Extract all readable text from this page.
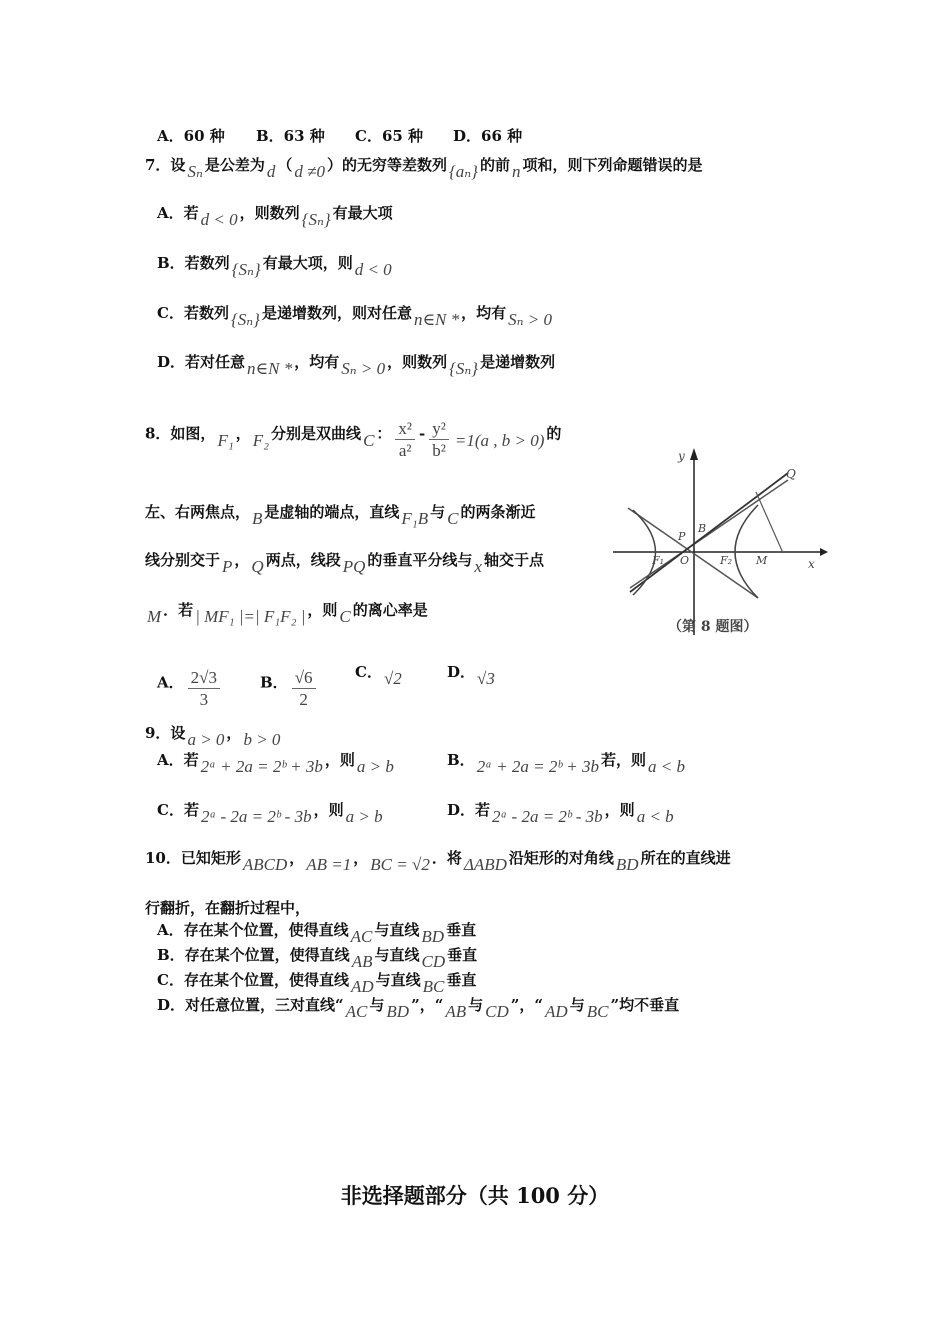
A．60 种 B．63 种 C．65 种 D．66 种
7．设 Sₙ 是公差为 d （ d ≠0 ）的无穷等差数列 {aₙ} 的前 n 项和，则下列命题错误的是
A．若 d < 0 ，则数列 {Sₙ} 有最大项
B．若数列 {Sₙ} 有最大项，则 d < 0
C．若数列 {Sₙ} 是递增数列，则对任意 n∈N * ，均有 Sₙ > 0
D．若对任意 n∈N * ，均有 Sₙ > 0 ，则数列 {Sₙ} 是递增数列
8．如图， F₁ ， F₂ 分别是双曲线 C ： $\frac{\text{x²}}{\text{a²}} - \frac{\text{y²}}{\text{b²}} =1(a$ , b > 0) 的
左、右两焦点， B 是虚轴的端点，直线 F₁B 与 C 的两条渐近
线分别交于 P ， Q 两点，线段 PQ 的垂直平分线与 x 轴交于点
M ．若 | MF₁ |=| F₁F₂ | ，则 C 的离心率是
A． $\frac{2√3}{3}$	B． $\frac{√6}{2}$	C． √2	D． √3
9．设 a > 0 ， b > 0
A．若 2ᵃ + 2a = 2ᵇ + 3b ，则 a > b	B． 2ᵃ + 2a = 2ᵇ + 3b 若，则 a < b
C．若 2ᵃ - 2a = 2ᵇ - 3b ，则 a > b	D．若 2ᵃ - 2a = 2ᵇ - 3b ，则 a < b
10．已知矩形 ABCD ， AB =1 ， BC = √2 ．将 ΔABD 沿矩形的对角线 BD 所在的直线进
行翻折，在翻折过程中，
A．存在某个位置，使得直线 AC 与直线 BD 垂直
B．存在某个位置，使得直线 AB 与直线 CD 垂直
C．存在某个位置，使得直线 AD 与直线 BC 垂直
D．对任意位置，三对直线“ AC 与 BD ”，“ AB 与 CD ”，“ AD 与 BC ”均不垂直
y
x
Q
B
P
F₁ O	F₂ M
（第 8 题图）
非选择题部分（共 100 分）
